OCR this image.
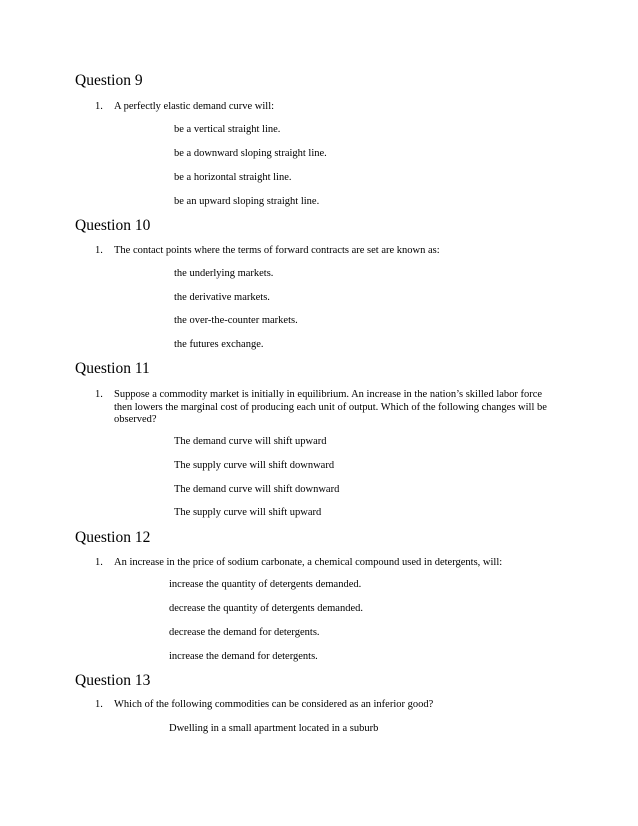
Question 9
1. A perfectly elastic demand curve will:
be a vertical straight line.
be a downward sloping straight line.
be a horizontal straight line.
be an upward sloping straight line.
Question 10
1. The contact points where the terms of forward contracts are set are known as:
the underlying markets.
the derivative markets.
the over-the-counter markets.
the futures exchange.
Question 11
1. Suppose a commodity market is initially in equilibrium. An increase in the nation’s skilled labor force then lowers the marginal cost of producing each unit of output. Which of the following changes will be observed?
The demand curve will shift upward
The supply curve will shift downward
The demand curve will shift downward
The supply curve will shift upward
Question 12
1. An increase in the price of sodium carbonate, a chemical compound used in detergents, will:
increase the quantity of detergents demanded.
decrease the quantity of detergents demanded.
decrease the demand for detergents.
increase the demand for detergents.
Question 13
1. Which of the following commodities can be considered as an inferior good?
Dwelling in a small apartment located in a suburb
